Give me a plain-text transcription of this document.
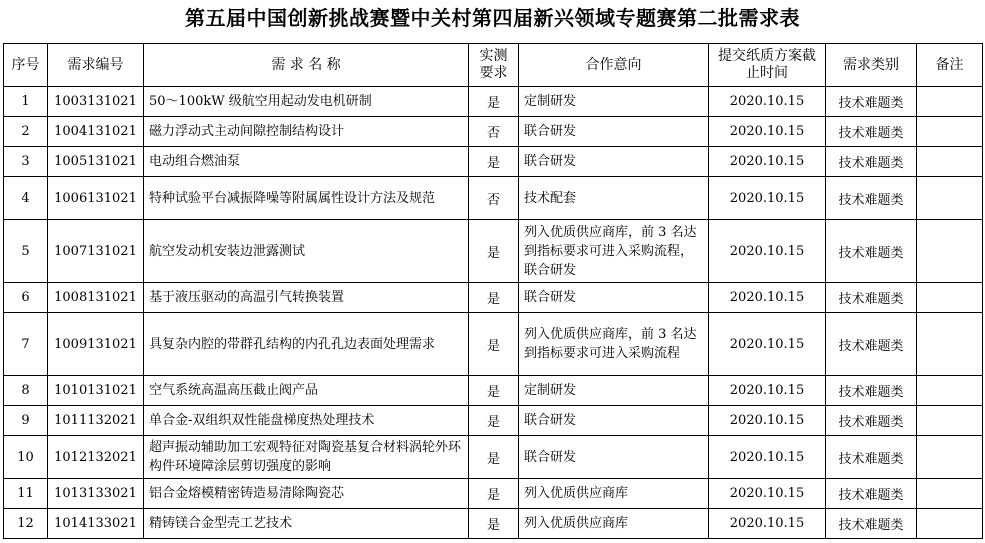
第五届中国创新挑战赛暨中关村第四届新兴领域专题赛第二批需求表
序号	需求编号	需 求 名 称	实测要求	合作意向	提交纸质方案截止时间	需求类别	备注
1	1003131021	50～100kW 级航空用起动发电机研制	是	定制研发	2020.10.15	技术难题类	
2	1004131021	磁力浮动式主动间隙控制结构设计	否	联合研发	2020.10.15	技术难题类	
3	1005131021	电动组合燃油泵	是	联合研发	2020.10.15	技术难题类	
4	1006131021	特种试验平台减振降噪等附属属性设计方法及规范	否	技术配套	2020.10.15	技术难题类	
5	1007131021	航空发动机安装边泄露测试	是	列入优质供应商库，前 3 名达到指标要求可进入采购流程，联合研发	2020.10.15	技术难题类	
6	1008131021	基于液压驱动的高温引气转换装置	是	联合研发	2020.10.15	技术难题类	
7	1009131021	具复杂内腔的带群孔结构的内孔孔边表面处理需求	是	列入优质供应商库，前 3 名达到指标要求可进入采购流程	2020.10.15	技术难题类	
8	1010131021	空气系统高温高压截止阀产品	是	定制研发	2020.10.15	技术难题类	
9	1011132021	单合金-双组织双性能盘梯度热处理技术	是	联合研发	2020.10.15	技术难题类	
10	1012132021	超声振动辅助加工宏观特征对陶瓷基复合材料涡轮外环构件环境障涂层剪切强度的影响	是	联合研发	2020.10.15	技术难题类	
11	1013133021	铝合金熔模精密铸造易清除陶瓷芯	是	列入优质供应商库	2020.10.15	技术难题类	
12	1014133021	精铸镁合金型壳工艺技术	是	列入优质供应商库	2020.10.15	技术难题类	
